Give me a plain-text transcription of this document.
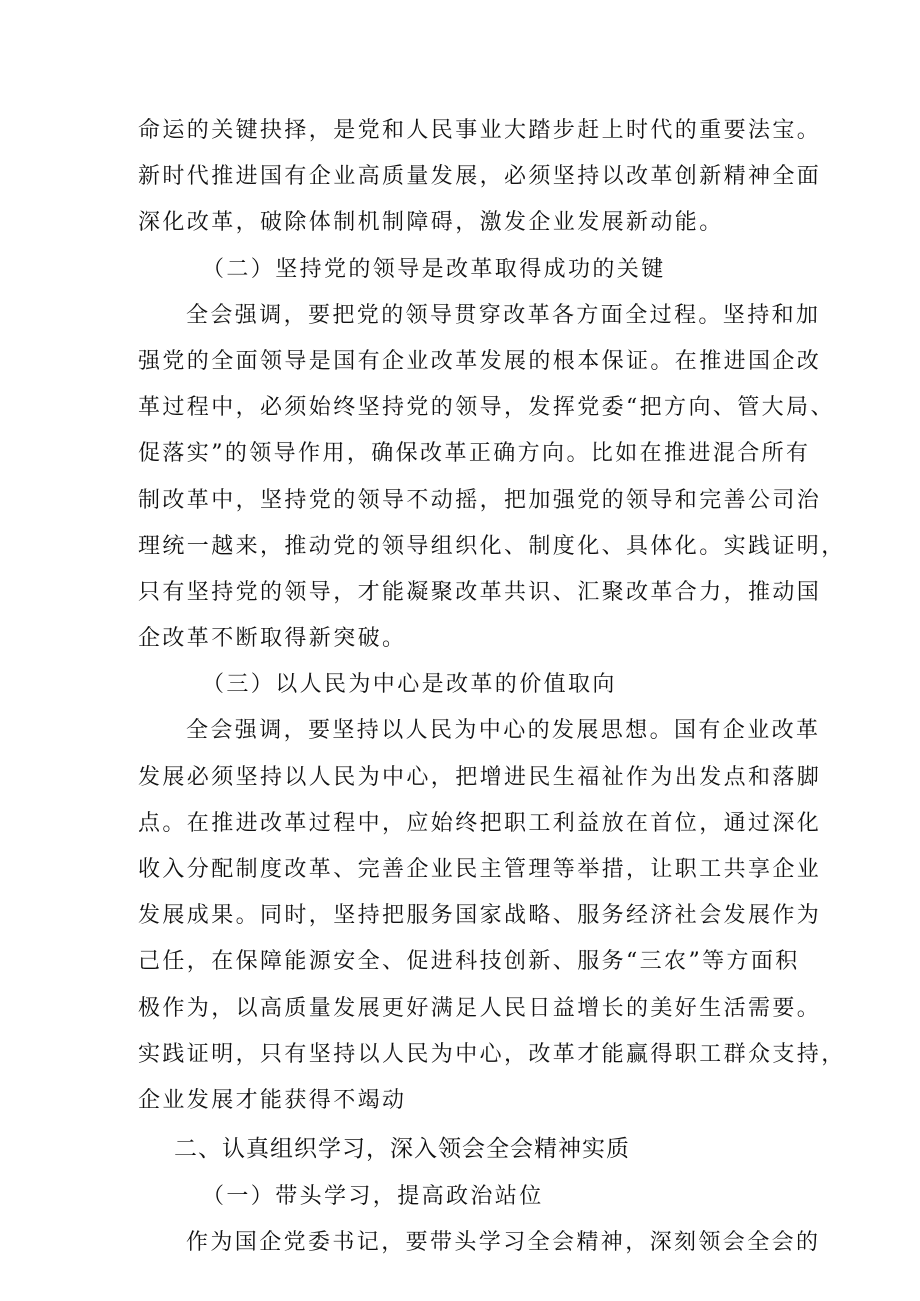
命运的关键抉择，是党和人民事业大踏步赶上时代的重要法宝。
新时代推进国有企业高质量发展，必须坚持以改革创新精神全面
深化改革，破除体制机制障碍，激发企业发展新动能。
（二）坚持党的领导是改革取得成功的关键
全会强调，要把党的领导贯穿改革各方面全过程。坚持和加
强党的全面领导是国有企业改革发展的根本保证。在推进国企改
革过程中，必须始终坚持党的领导，发挥党委“把方向、管大局、
促落实”的领导作用，确保改革正确方向。比如在推进混合所有
制改革中，坚持党的领导不动摇，把加强党的领导和完善公司治
理统一越来，推动党的领导组织化、制度化、具体化。实践证明，
只有坚持党的领导，才能凝聚改革共识、汇聚改革合力，推动国
企改革不断取得新突破。
（三）以人民为中心是改革的价值取向
全会强调，要坚持以人民为中心的发展思想。国有企业改革
发展必须坚持以人民为中心，把增进民生福祉作为出发点和落脚
点。在推进改革过程中，应始终把职工利益放在首位，通过深化
收入分配制度改革、完善企业民主管理等举措，让职工共享企业
发展成果。同时，坚持把服务国家战略、服务经济社会发展作为
己任，在保障能源安全、促进科技创新、服务“三农”等方面积
极作为，以高质量发展更好满足人民日益增长的美好生活需要。
实践证明，只有坚持以人民为中心，改革才能赢得职工群众支持，
企业发展才能获得不竭动
二、认真组织学习，深入领会全会精神实质
（一）带头学习，提高政治站位
作为国企党委书记，要带头学习全会精神，深刻领会全会的
